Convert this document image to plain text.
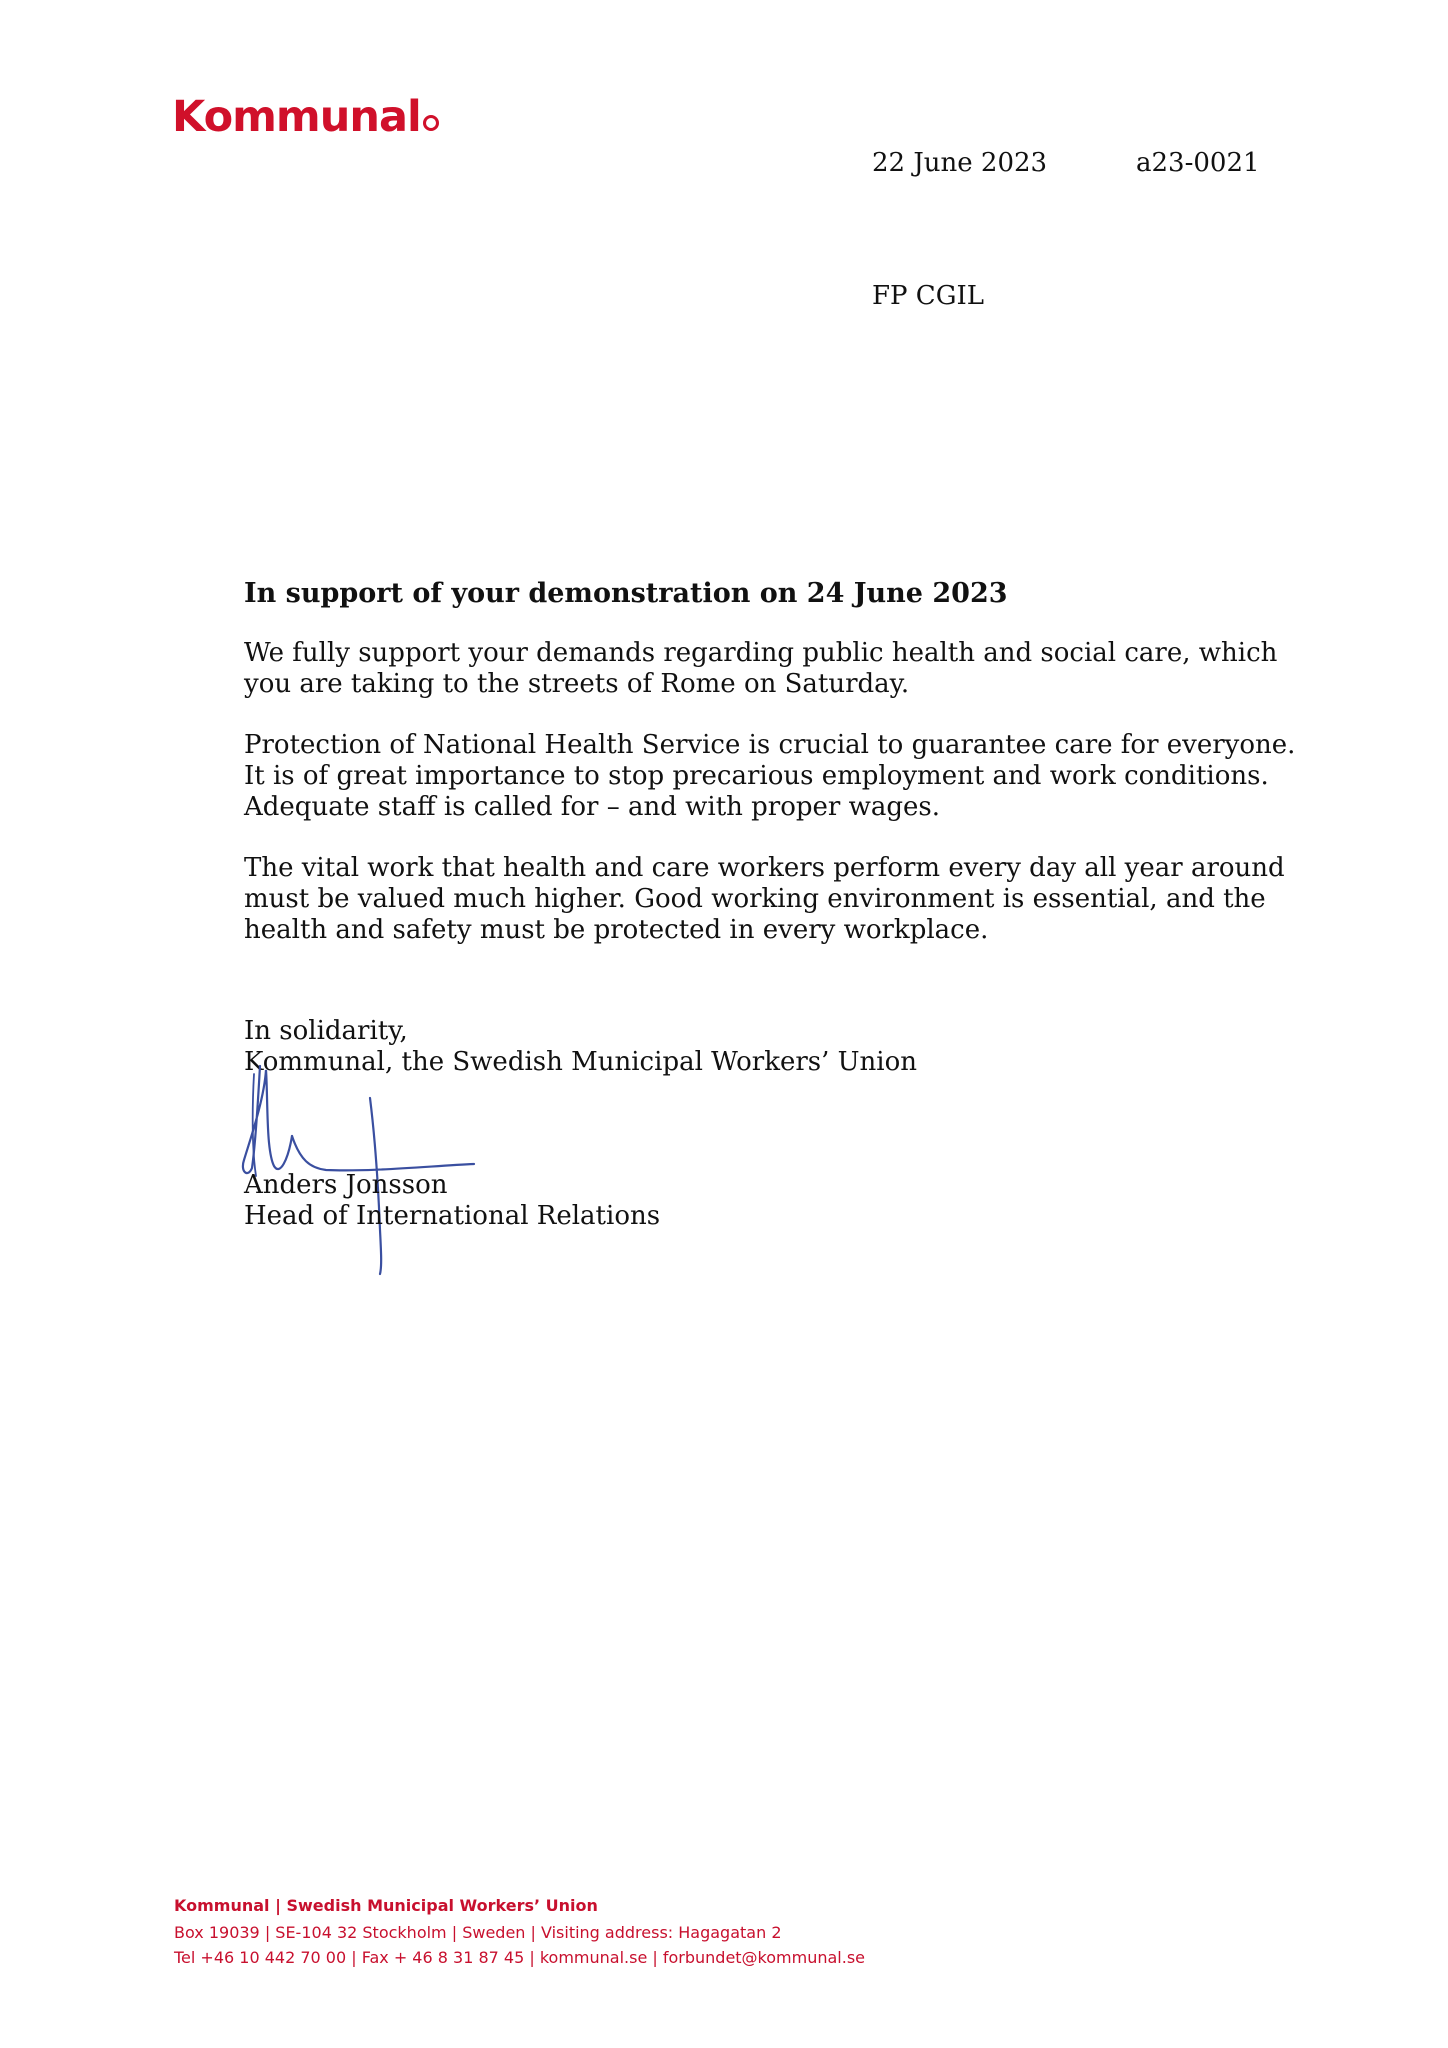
Kommunal
22 June 2023	a23-0021
FP CGIL
In support of your demonstration on 24 June 2023
We fully support your demands regarding public health and social care, which
you are taking to the streets of Rome on Saturday.
Protection of National Health Service is crucial to guarantee care for everyone.
It is of great importance to stop precarious employment and work conditions.
Adequate staff is called for – and with proper wages.
The vital work that health and care workers perform every day all year around
must be valued much higher. Good working environment is essential, and the
health and safety must be protected in every workplace.
In solidarity,
Kommunal, the Swedish Municipal Workers’ Union
Anders Jonsson
Head of International Relations
Kommunal | Swedish Municipal Workers’ Union
Box 19039 | SE-104 32 Stockholm | Sweden | Visiting address: Hagagatan 2
Tel +46 10 442 70 00 | Fax + 46 8 31 87 45 | kommunal.se | forbundet@kommunal.se
